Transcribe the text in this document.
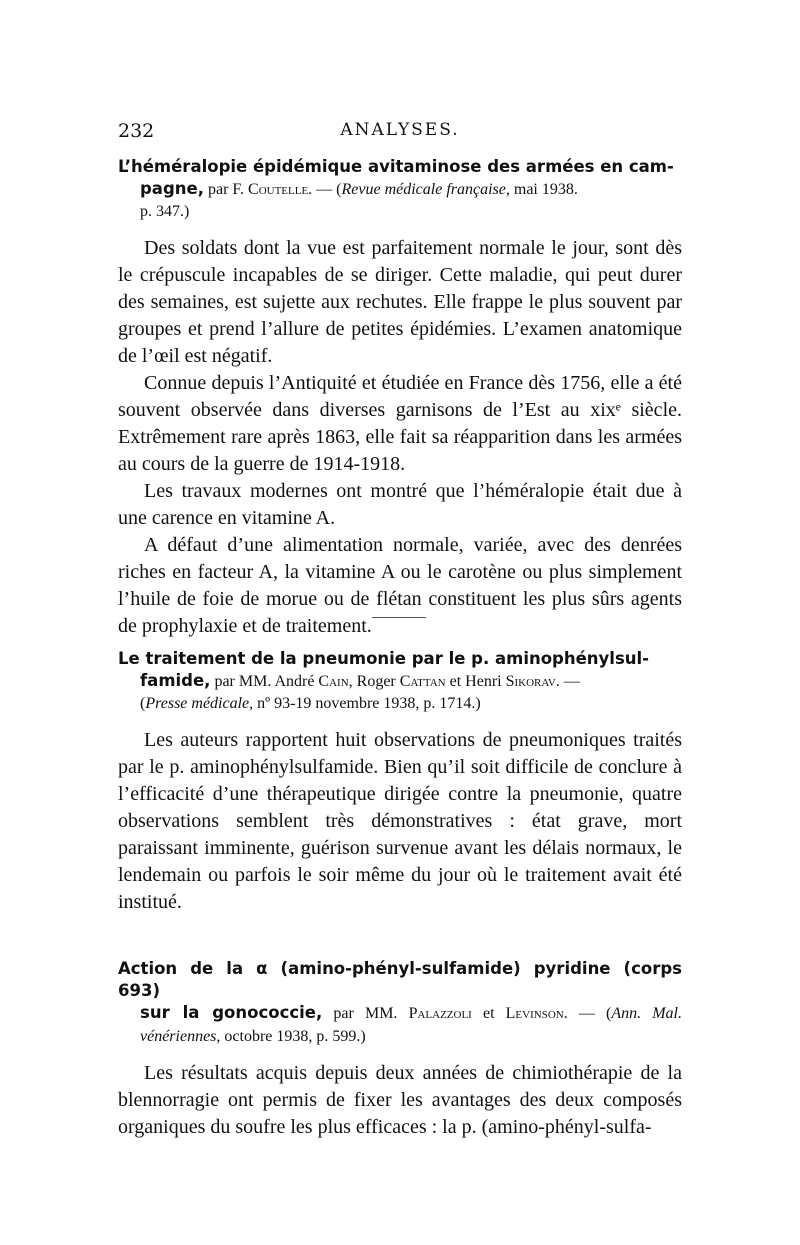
232	ANALYSES.
L’héméralopie épidémique avitaminose des armées en cam-
pagne, par F. Coutelle. — (Revue médicale française, mai 1938.
p. 347.)

Des soldats dont la vue est parfaitement normale le jour, sont dès le crépuscule incapables de se diriger. Cette maladie, qui peut durer des semaines, est sujette aux rechutes. Elle frappe le plus souvent par groupes et prend l’allure de petites épidémies. L’examen anatomique de l’œil est négatif.

Connue depuis l’Antiquité et étudiée en France dès 1756, elle a été souvent observée dans diverses garnisons de l’Est au xixᵉ siècle. Extrêmement rare après 1863, elle fait sa réapparition dans les armées au cours de la guerre de 1914-1918.

Les travaux modernes ont montré que l’héméralopie était due à une carence en vitamine A.

A défaut d’une alimentation normale, variée, avec des denrées riches en facteur A, la vitamine A ou le carotène ou plus simplement l’huile de foie de morue ou de flétan constituent les plus sûrs agents de prophylaxie et de traitement.

Le traitement de la pneumonie par le p. aminophénylsul-
famide, par MM. André Cain, Roger Cattan et Henri Sikorav. —
(Presse médicale, nº 93-19 novembre 1938, p. 1714.)

Les auteurs rapportent huit observations de pneumoniques traités par le p. aminophénylsulfamide. Bien qu’il soit difficile de conclure à l’efficacité d’une thérapeutique dirigée contre la pneumonie, quatre observations semblent très démonstratives : état grave, mort paraissant imminente, guérison survenue avant les délais normaux, le lendemain ou parfois le soir même du jour où le traitement avait été institué.

Action de la α (amino-phényl-sulfamide) pyridine (corps 693)
sur la gonococcie, par MM. Palazzoli et Levinson. — (Ann. Mal. vénériennes, octobre 1938, p. 599.)

Les résultats acquis depuis deux années de chimiothérapie de la blennorragie ont permis de fixer les avantages des deux composés organiques du soufre les plus efficaces : la p. (amino-phényl-sulfa-
